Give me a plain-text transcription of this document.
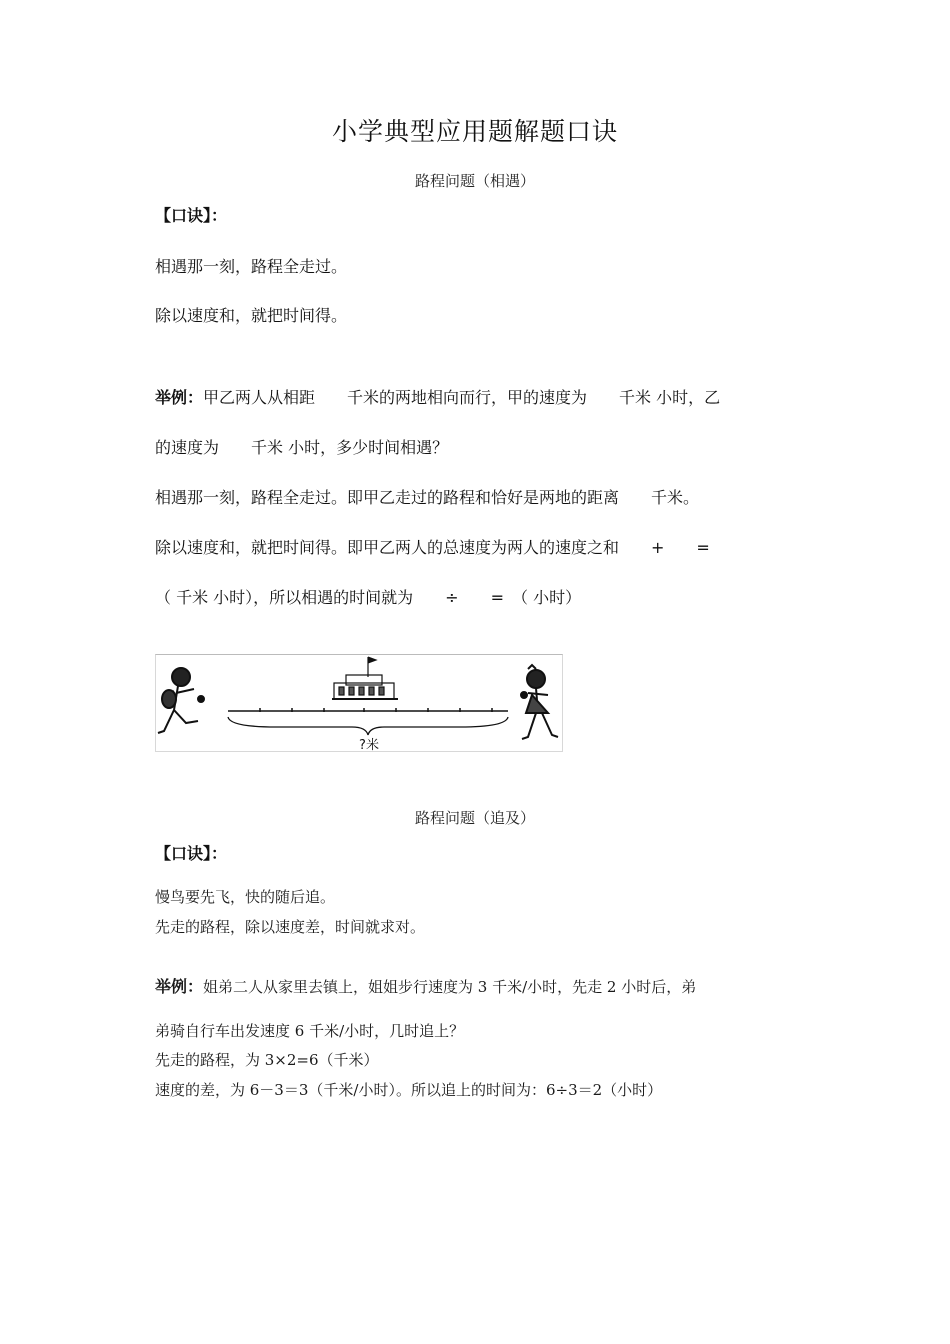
小学典型应用题解题口诀
路程问题（相遇）
【口诀】：
相遇那一刻，路程全走过。
除以速度和，就把时间得。
举例：甲乙两人从相距　　千米的两地相向而行，甲的速度为　　千米 小时，乙
的速度为　　千米 小时，多少时间相遇？
相遇那一刻，路程全走过。即甲乙走过的路程和恰好是两地的距离　　千米。
除以速度和，就把时间得。即甲乙两人的总速度为两人的速度之和　　+　　=
（ 千米 小时），所以相遇的时间就为　　÷　　=　（ 小时）
?米
路程问题（追及）
【口诀】：
慢鸟要先飞，快的随后追。
先走的路程，除以速度差，时间就求对。
举例：姐弟二人从家里去镇上，姐姐步行速度为 3 千米/小时，先走 2 小时后，弟
弟骑自行车出发速度 6 千米/小时，几时追上？
先走的路程，为 3×2=6（千米）
速度的差，为 6－3＝3（千米/小时）。所以追上的时间为：6÷3＝2（小时）
